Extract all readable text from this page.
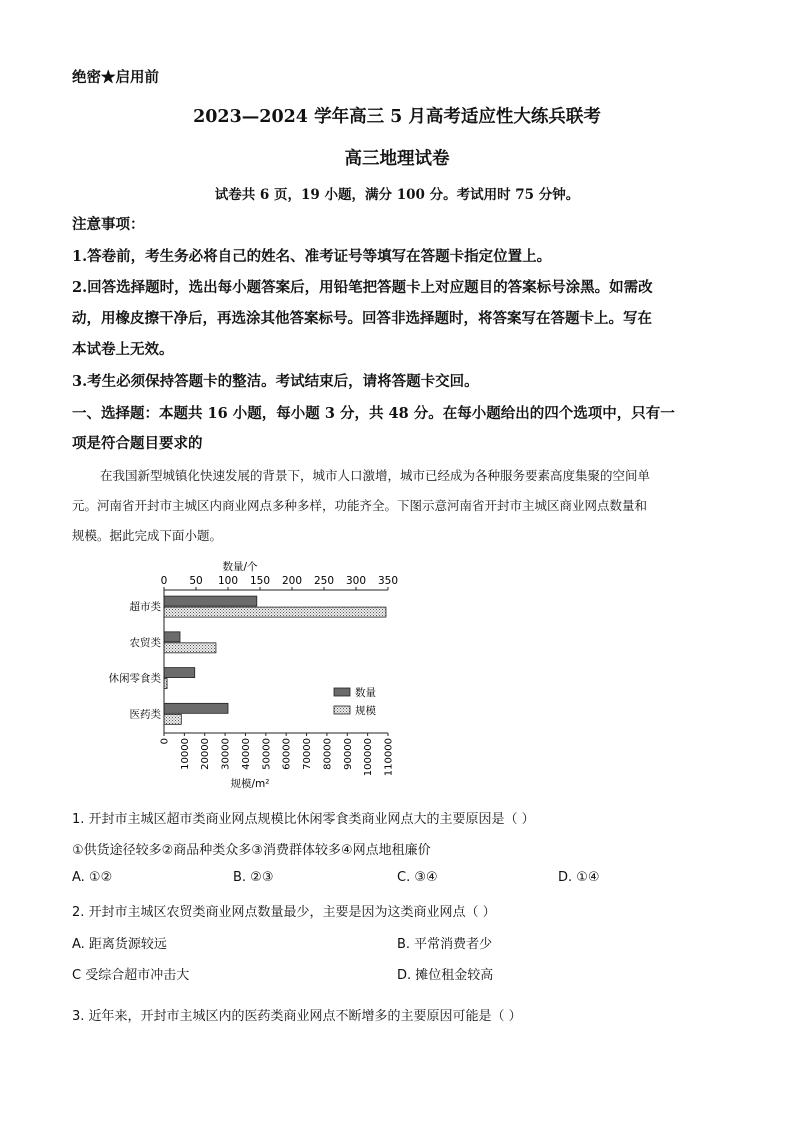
绝密★启用前
2023—2024 学年高三 5 月高考适应性大练兵联考
高三地理试卷
试卷共 6 页，19 小题，满分 100 分。考试用时 75 分钟。
注意事项：
1.答卷前，考生务必将自己的姓名、准考证号等填写在答题卡指定位置上。
2.回答选择题时，选出每小题答案后，用铅笔把答题卡上对应题目的答案标号涂黑。如需改
动，用橡皮擦干净后，再选涂其他答案标号。回答非选择题时，将答案写在答题卡上。写在
本试卷上无效。
3.考生必须保持答题卡的整洁。考试结束后，请将答题卡交回。
一、选择题：本题共 16 小题，每小题 3 分，共 48 分。在每小题给出的四个选项中，只有一
项是符合题目要求的
在我国新型城镇化快速发展的背景下，城市人口激增，城市已经成为各种服务要素高度集聚的空间单
元。河南省开封市主城区内商业网点多种多样，功能齐全。下图示意河南省开封市主城区商业网点数量和
规模。据此完成下面小题。
数量/个
0 50 100 150 200 250 300 350
0 10000 20000 30000 40000 50000 60000 70000 80000 90000 100000 110000
超市类
农贸类
休闲零食类
医药类
数量
规模
规模/m²
1. 开封市主城区超市类商业网点规模比休闲零食类商业网点大的主要原因是（ ）
①供货途径较多②商品种类众多③消费群体较多④网点地租廉价
A. ①②	B. ②③	C. ③④	D. ①④
2. 开封市主城区农贸类商业网点数量最少，主要是因为这类商业网点（ ）
A. 距离货源较远	B. 平常消费者少
C 受综合超市冲击大	D. 摊位租金较高
3. 近年来，开封市主城区内的医药类商业网点不断增多的主要原因可能是（ ）
